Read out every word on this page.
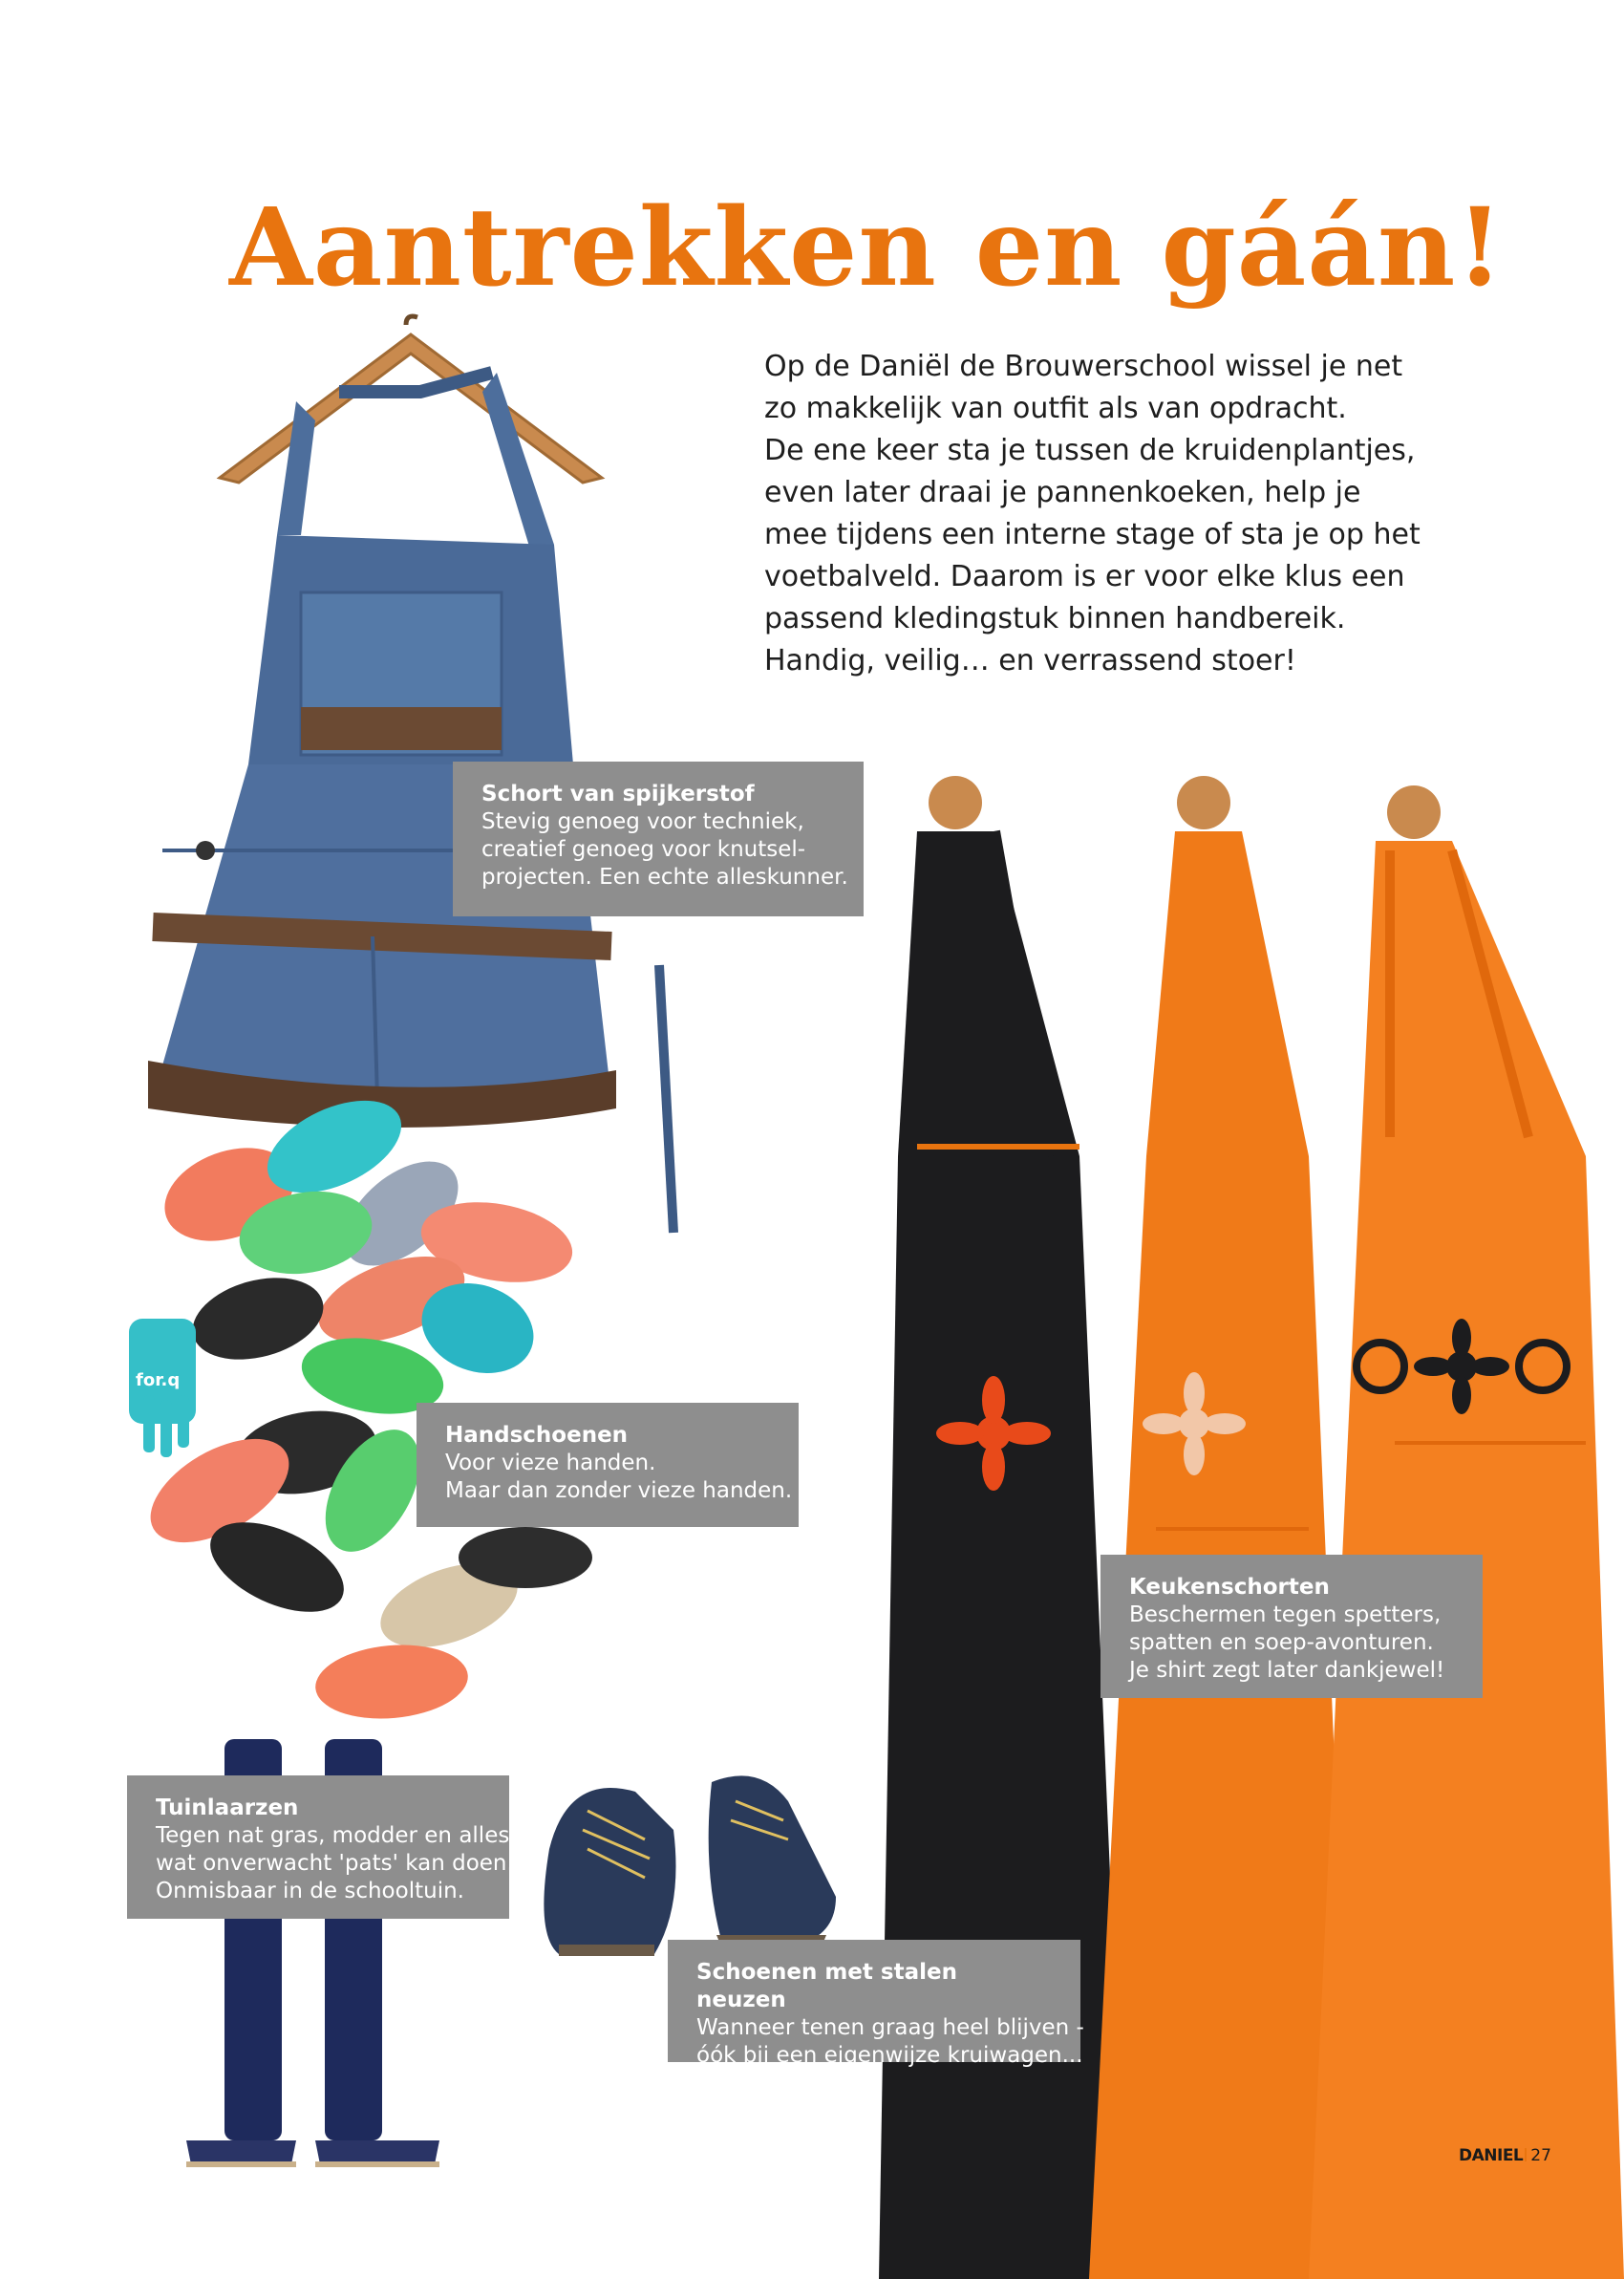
Aantrekken en gáán!
Op de Daniël de Brouwerschool wissel je net
zo makkelijk van outfit als van opdracht.
De ene keer sta je tussen de kruidenplantjes,
even later draai je pannenkoeken, help je
mee tijdens een interne stage of sta je op het
voetbalveld. Daarom is er voor elke klus een
passend kledingstuk binnen handbereik.
Handig, veilig… en verrassend stoer!
for.q
Schort van spijkerstof
Stevig genoeg voor techniek,
creatief genoeg voor knutsel-
projecten. Een echte alleskunner.
Handschoenen
Voor vieze handen.
Maar dan zonder vieze handen.
Keukenschorten
Beschermen tegen spetters,
spatten en soep-avonturen.
Je shirt zegt later dankjewel!
Tuinlaarzen
Tegen nat gras, modder en alles
wat onverwacht 'pats' kan doen.
Onmisbaar in de schooltuin.
Schoenen met stalen neuzen
Wanneer tenen graag heel blijven -
óók bij een eigenwijze kruiwagen...
DANIEL 27
